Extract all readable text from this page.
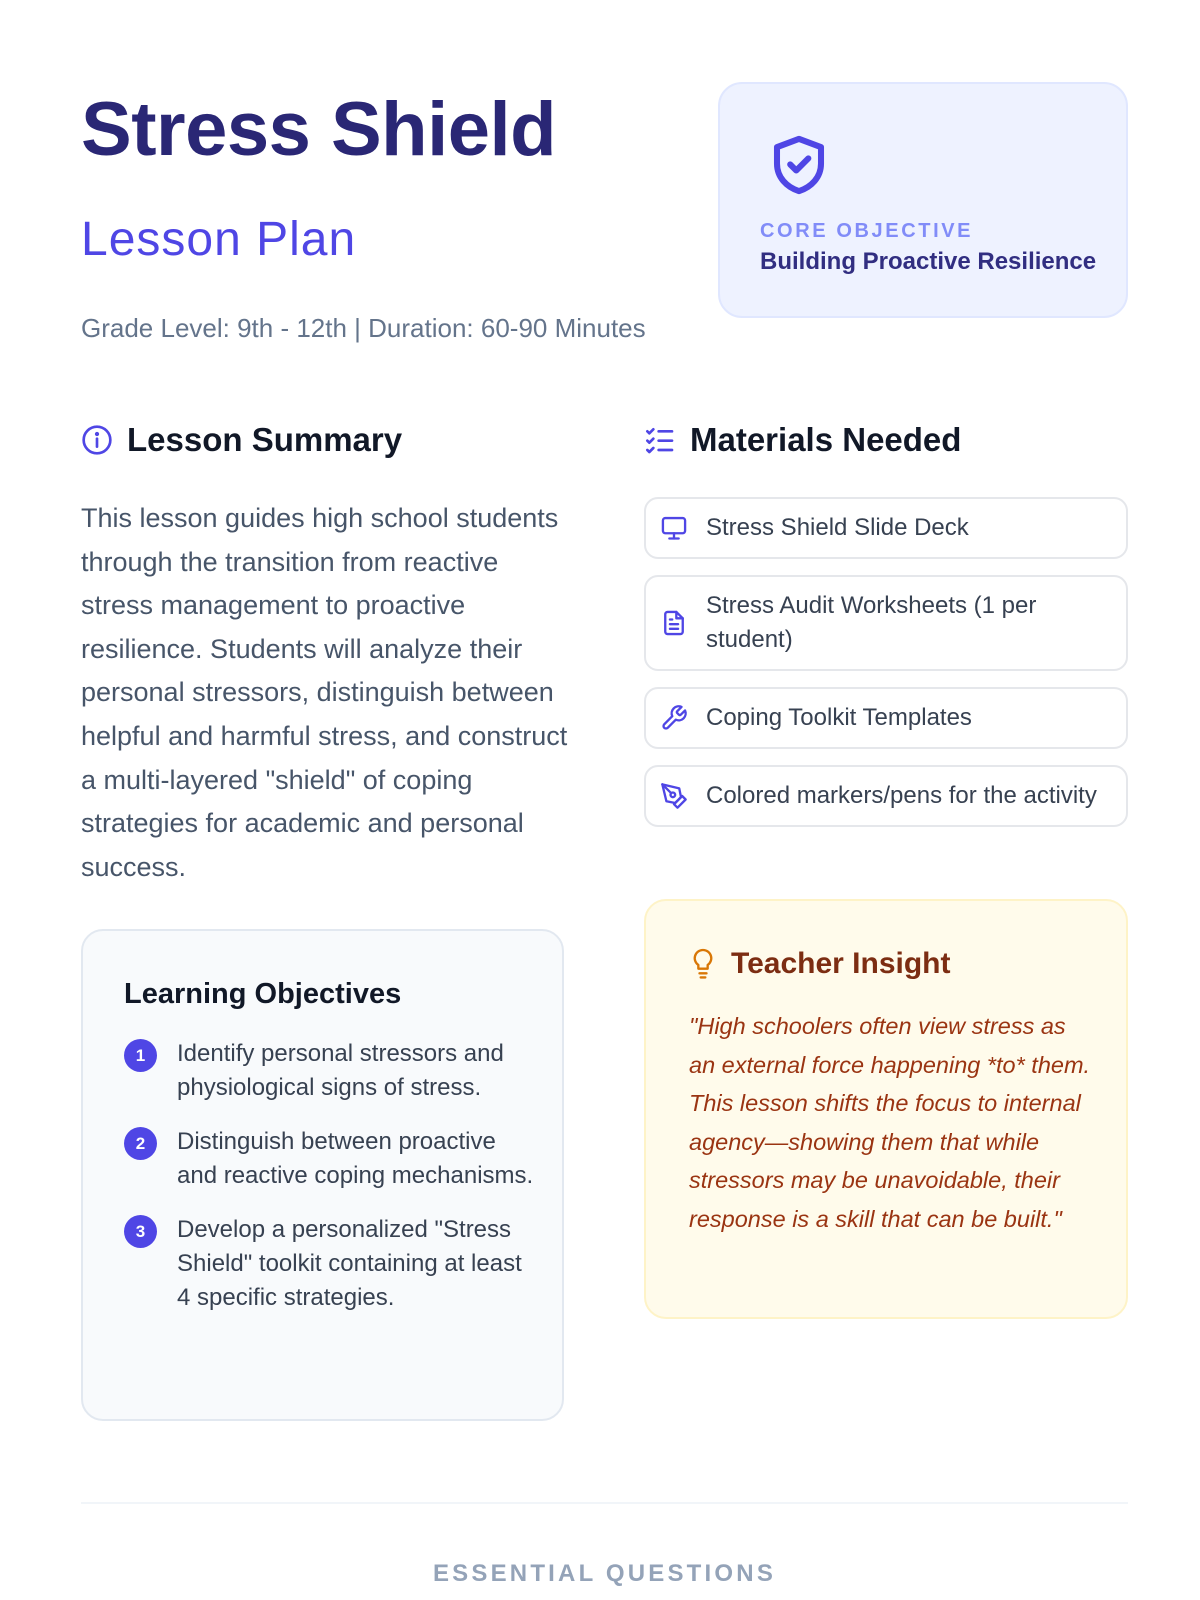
Stress Shield
Lesson Plan
Grade Level: 9th - 12th | Duration: 60-90 Minutes
CORE OBJECTIVE
Building Proactive Resilience
Lesson Summary
This lesson guides high school students through the transition from reactive stress management to proactive resilience. Students will analyze their personal stressors, distinguish between helpful and harmful stress, and construct a multi-layered "shield" of coping strategies for academic and personal success.
Learning Objectives
1	Identify personal stressors and physiological signs of stress.
2	Distinguish between proactive and reactive coping mechanisms.
3	Develop a personalized "Stress Shield" toolkit containing at least 4 specific strategies.
Materials Needed
Stress Shield Slide Deck
Stress Audit Worksheets (1 per student)
Coping Toolkit Templates
Colored markers/pens for the activity
Teacher Insight
"High schoolers often view stress as an external force happening *to* them. This lesson shifts the focus to internal agency—showing them that while stressors may be unavoidable, their response is a skill that can be built."
ESSENTIAL QUESTIONS
